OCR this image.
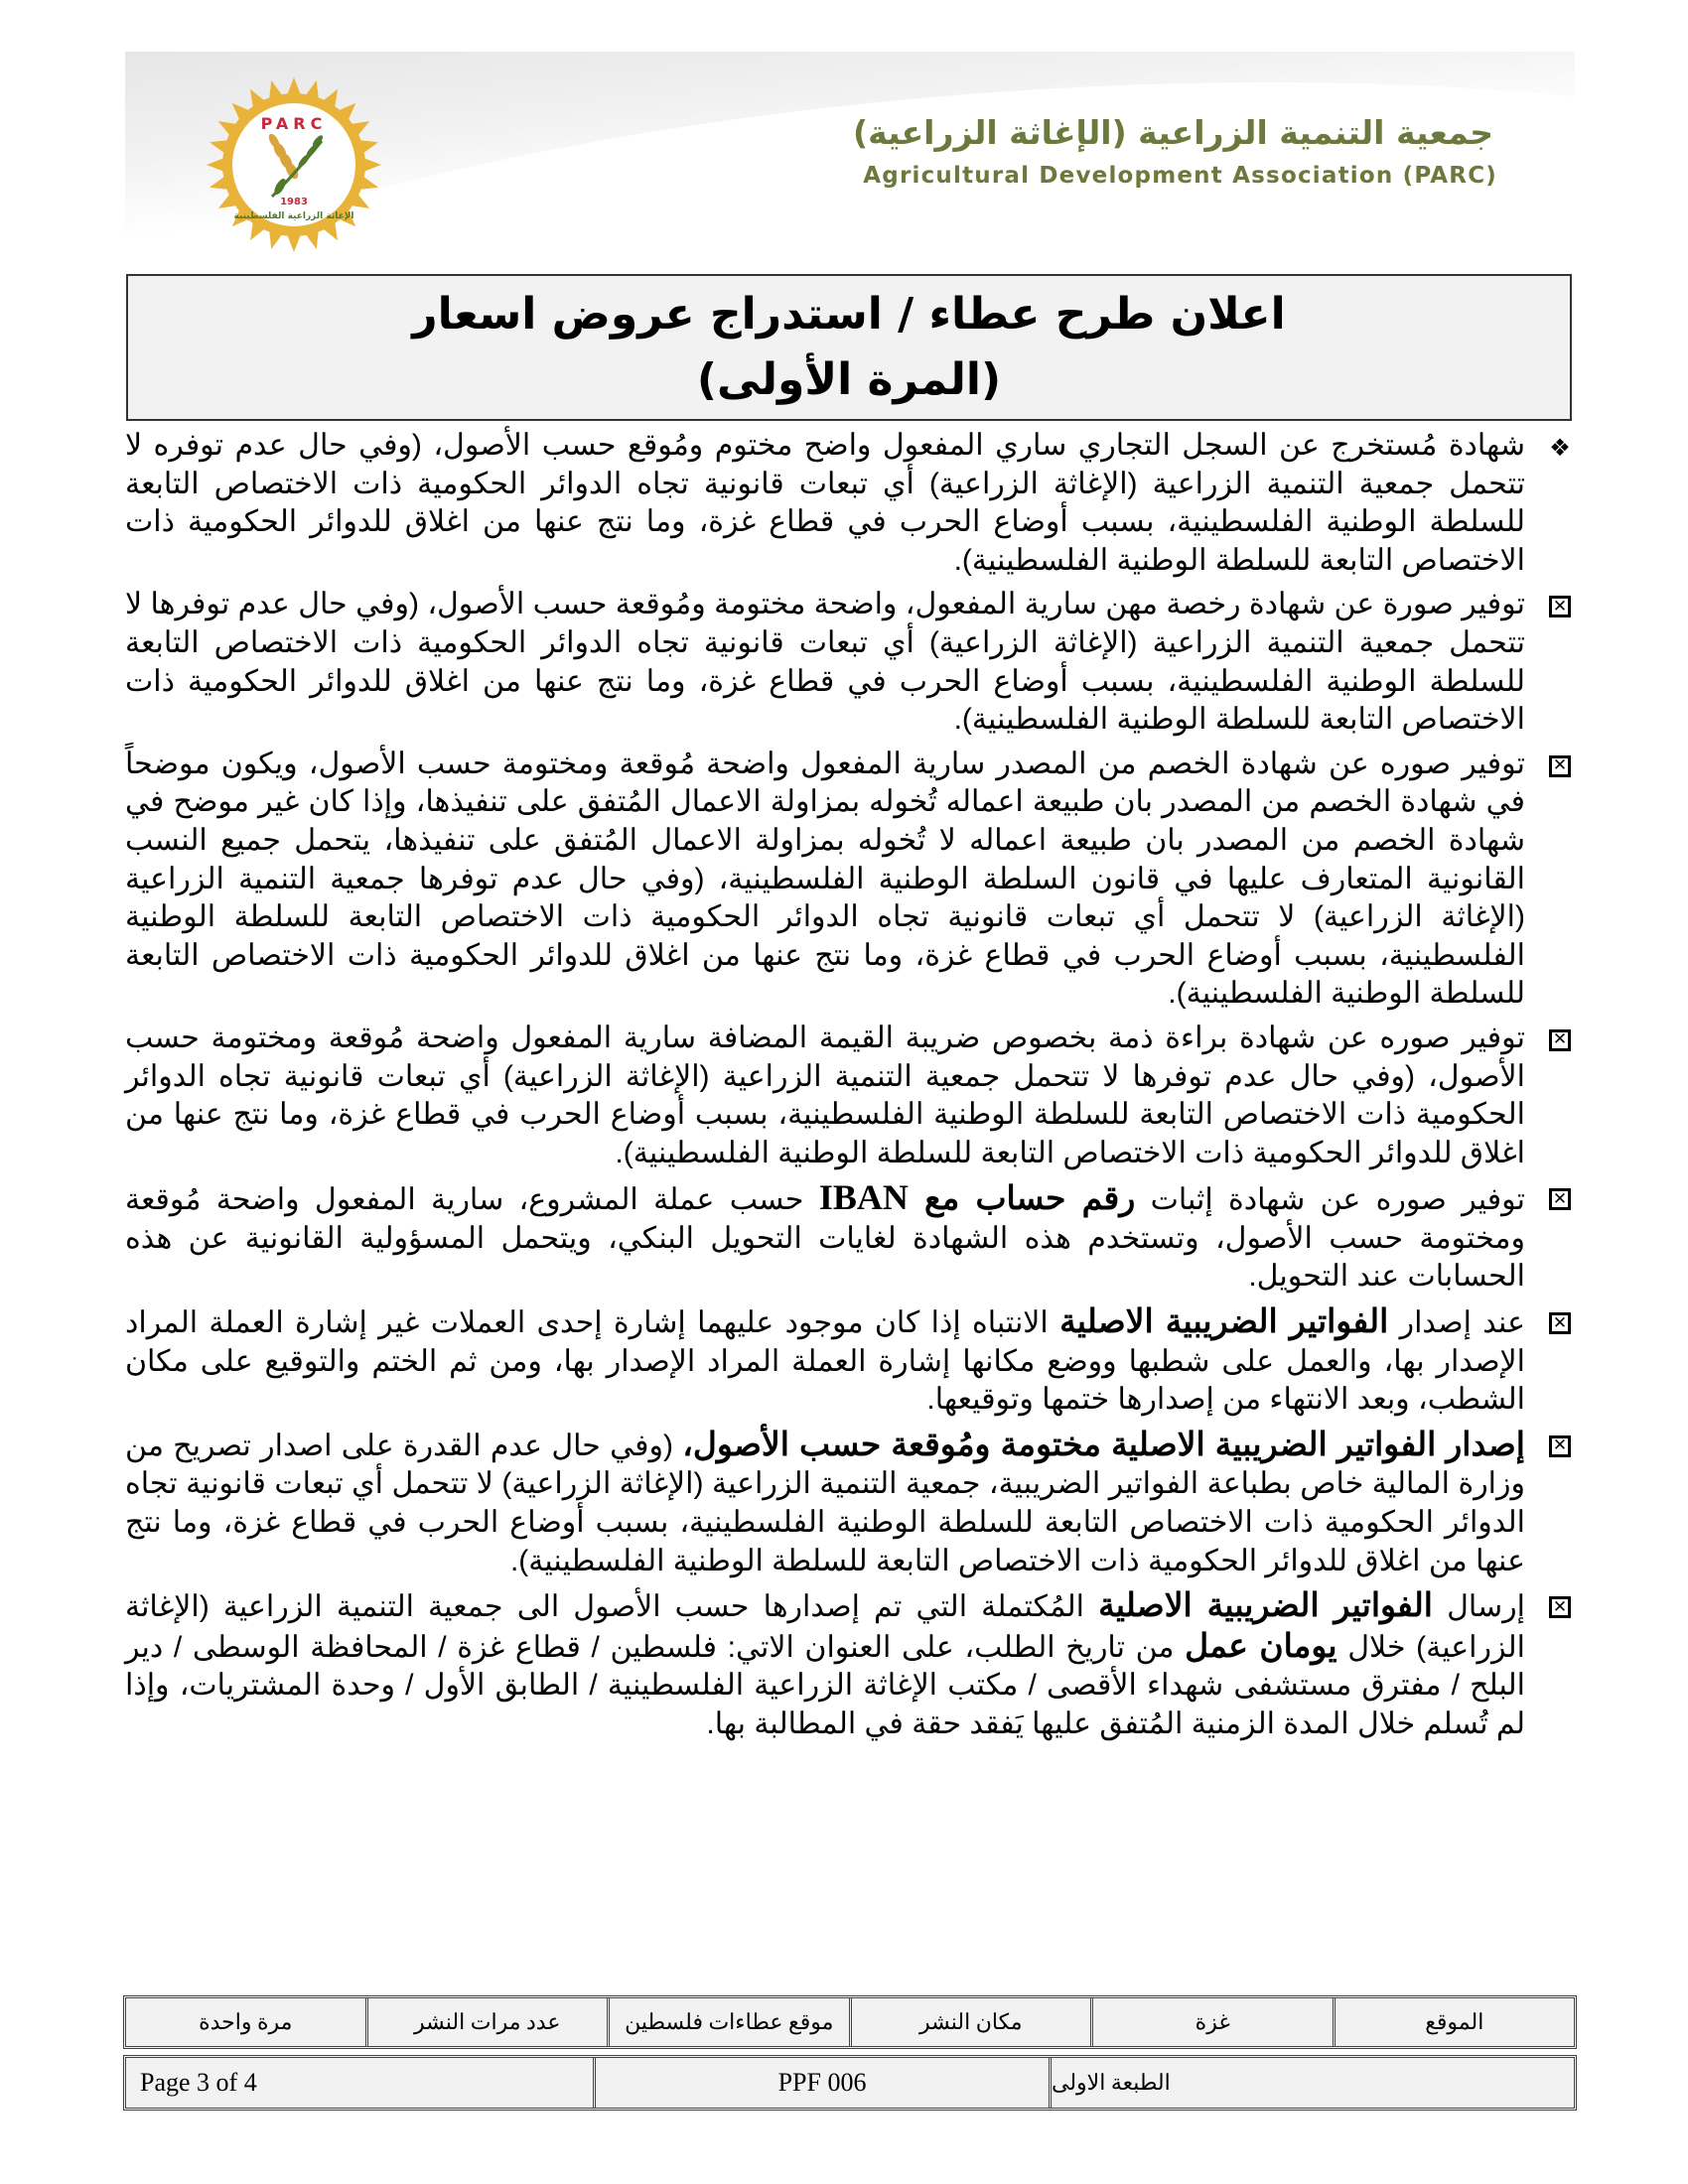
PARC
1983
الإغاثة الزراعية الفلسطينية
جمعية التنمية الزراعية (الإغاثة الزراعية)
Agricultural Development Association (PARC)
اعلان طرح عطاء / استدراج عروض اسعار
(المرة الأولى)
❖
شهادة مُستخرج عن السجل التجاري ساري المفعول واضح مختوم ومُوقع حسب الأصول، (وفي حال عدم توفره لا تتحمل جمعية التنمية الزراعية (الإغاثة الزراعية) أي تبعات قانونية تجاه الدوائر الحكومية ذات الاختصاص التابعة للسلطة الوطنية الفلسطينية، بسبب أوضاع الحرب في قطاع غزة، وما نتج عنها من اغلاق للدوائر الحكومية ذات الاختصاص التابعة للسلطة الوطنية الفلسطينية).
✕
توفير صورة عن شهادة رخصة مهن سارية المفعول، واضحة مختومة ومُوقعة حسب الأصول، (وفي حال عدم توفرها لا تتحمل جمعية التنمية الزراعية (الإغاثة الزراعية) أي تبعات قانونية تجاه الدوائر الحكومية ذات الاختصاص التابعة للسلطة الوطنية الفلسطينية، بسبب أوضاع الحرب في قطاع غزة، وما نتج عنها من اغلاق للدوائر الحكومية ذات الاختصاص التابعة للسلطة الوطنية الفلسطينية).
✕
توفير صوره عن شهادة الخصم من المصدر سارية المفعول واضحة مُوقعة ومختومة حسب الأصول، ويكون موضحاً في شهادة الخصم من المصدر بان طبيعة اعماله تُخوله بمزاولة الاعمال المُتفق على تنفيذها، وإذا كان غير موضح في شهادة الخصم من المصدر بان طبيعة اعماله لا تُخوله بمزاولة الاعمال المُتفق على تنفيذها، يتحمل جميع النسب القانونية المتعارف عليها في قانون السلطة الوطنية الفلسطينية، (وفي حال عدم توفرها جمعية التنمية الزراعية (الإغاثة الزراعية) لا تتحمل أي تبعات قانونية تجاه الدوائر الحكومية ذات الاختصاص التابعة للسلطة الوطنية الفلسطينية، بسبب أوضاع الحرب في قطاع غزة، وما نتج عنها من اغلاق للدوائر الحكومية ذات الاختصاص التابعة للسلطة الوطنية الفلسطينية).
✕
توفير صوره عن شهادة براءة ذمة بخصوص ضريبة القيمة المضافة سارية المفعول واضحة مُوقعة ومختومة حسب الأصول، (وفي حال عدم توفرها لا تتحمل جمعية التنمية الزراعية (الإغاثة الزراعية) أي تبعات قانونية تجاه الدوائر الحكومية ذات الاختصاص التابعة للسلطة الوطنية الفلسطينية، بسبب أوضاع الحرب في قطاع غزة، وما نتج عنها من اغلاق للدوائر الحكومية ذات الاختصاص التابعة للسلطة الوطنية الفلسطينية).
✕
توفير صوره عن شهادة إثبات رقم حساب مع IBAN حسب عملة المشروع، سارية المفعول واضحة مُوقعة ومختومة حسب الأصول، وتستخدم هذه الشهادة لغايات التحويل البنكي، ويتحمل المسؤولية القانونية عن هذه الحسابات عند التحويل.
✕
عند إصدار الفواتير الضريبية الاصلية الانتباه إذا كان موجود عليهما إشارة إحدى العملات غير إشارة العملة المراد الإصدار بها، والعمل على شطبها ووضع مكانها إشارة العملة المراد الإصدار بها، ومن ثم الختم والتوقيع على مكان الشطب، وبعد الانتهاء من إصدارها ختمها وتوقيعها.
✕
إصدار الفواتير الضريبية الاصلية مختومة ومُوقعة حسب الأصول، (وفي حال عدم القدرة على اصدار تصريح من وزارة المالية خاص بطباعة الفواتير الضريبية، جمعية التنمية الزراعية (الإغاثة الزراعية) لا تتحمل أي تبعات قانونية تجاه الدوائر الحكومية ذات الاختصاص التابعة للسلطة الوطنية الفلسطينية، بسبب أوضاع الحرب في قطاع غزة، وما نتج عنها من اغلاق للدوائر الحكومية ذات الاختصاص التابعة للسلطة الوطنية الفلسطينية).
✕
إرسال الفواتير الضريبية الاصلية المُكتملة التي تم إصدارها حسب الأصول الى جمعية التنمية الزراعية (الإغاثة الزراعية) خلال يومان عمل من تاريخ الطلب، على العنوان الاتي: فلسطين / قطاع غزة / المحافظة الوسطى / دير البلح / مفترق مستشفى شهداء الأقصى / مكتب الإغاثة الزراعية الفلسطينية / الطابق الأول / وحدة المشتريات، وإذا لم تُسلم خلال المدة الزمنية المُتفق عليها يَفقد حقة في المطالبة بها.
الموقع
غزة
مكان النشر
موقع عطاءات فلسطين
عدد مرات النشر
مرة واحدة
الطبعة الاولى
PPF 006
Page 3 of 4
